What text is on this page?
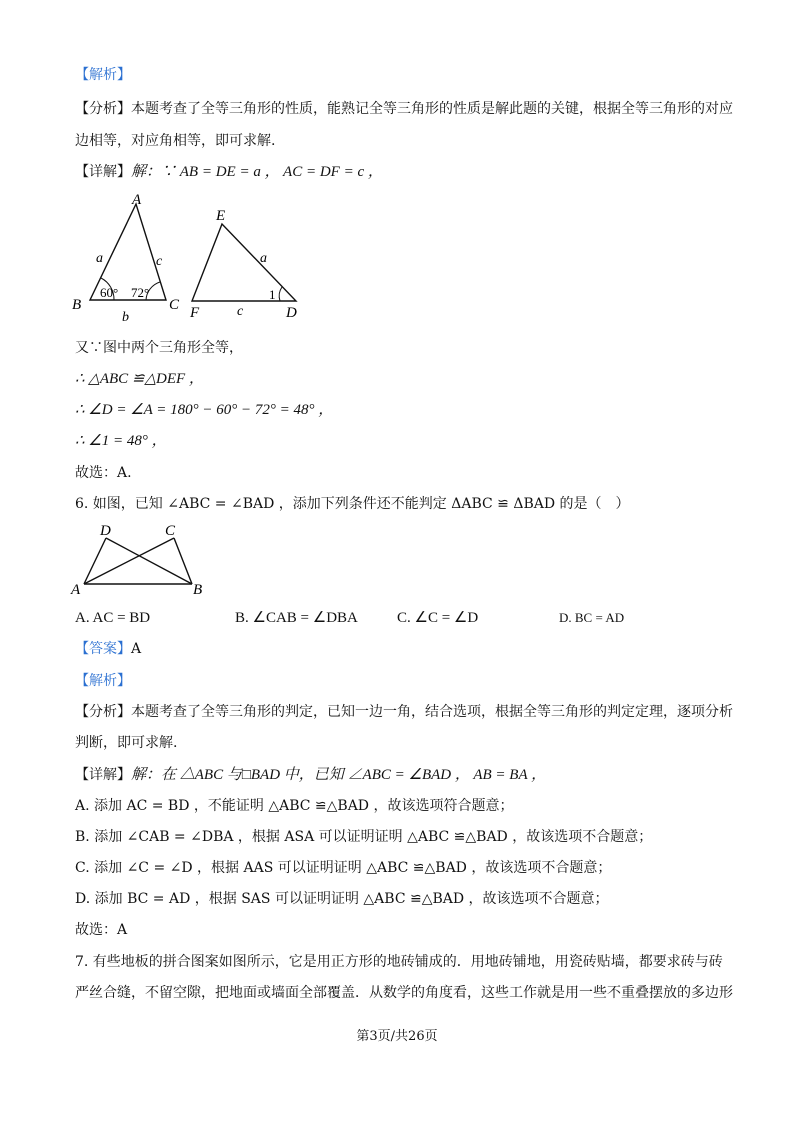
【解析】
【分析】本题考查了全等三角形的性质，能熟记全等三角形的性质是解此题的关键，根据全等三角形的对应
边相等，对应角相等，即可求解.
【详解】解：∵ AB = DE = a ， AC = DF = c ，
A
B	C
a	c
b
60° 72°
E
F	D
a
c
1
又∵图中两个三角形全等，
∴ △ABC ≌△DEF ，
∴ ∠D = ∠A = 180° − 60° − 72° = 48° ，
∴ ∠1 = 48° ，
故选：A.
6. 如图，已知 ∠ABC = ∠BAD ，添加下列条件还不能判定 ΔABC ≌ ΔBAD 的是（　）
D	C
A	B
A. AC = BD	B. ∠CAB = ∠DBA	C. ∠C = ∠D	D. BC = AD
【答案】A
【解析】
【分析】本题考查了全等三角形的判定，已知一边一角，结合选项，根据全等三角形的判定定理，逐项分析
判断，即可求解.
【详解】解：在 △ABC 与□BAD 中，已知 ∠ABC = ∠BAD ， AB = BA ，
A. 添加 AC = BD ，不能证明 △ABC ≌△BAD ，故该选项符合题意；
B. 添加 ∠CAB = ∠DBA ，根据 ASA 可以证明证明 △ABC ≌△BAD ，故该选项不合题意；
C. 添加 ∠C = ∠D ，根据 AAS 可以证明证明 △ABC ≌△BAD ，故该选项不合题意；
D. 添加 BC = AD ，根据 SAS 可以证明证明 △ABC ≌△BAD ，故该选项不合题意；
故选：A
7. 有些地板的拼合图案如图所示，它是用正方形的地砖铺成的．用地砖铺地，用瓷砖贴墙，都要求砖与砖
严丝合缝，不留空隙，把地面或墙面全部覆盖．从数学的角度看，这些工作就是用一些不重叠摆放的多边形
第3页/共26页
